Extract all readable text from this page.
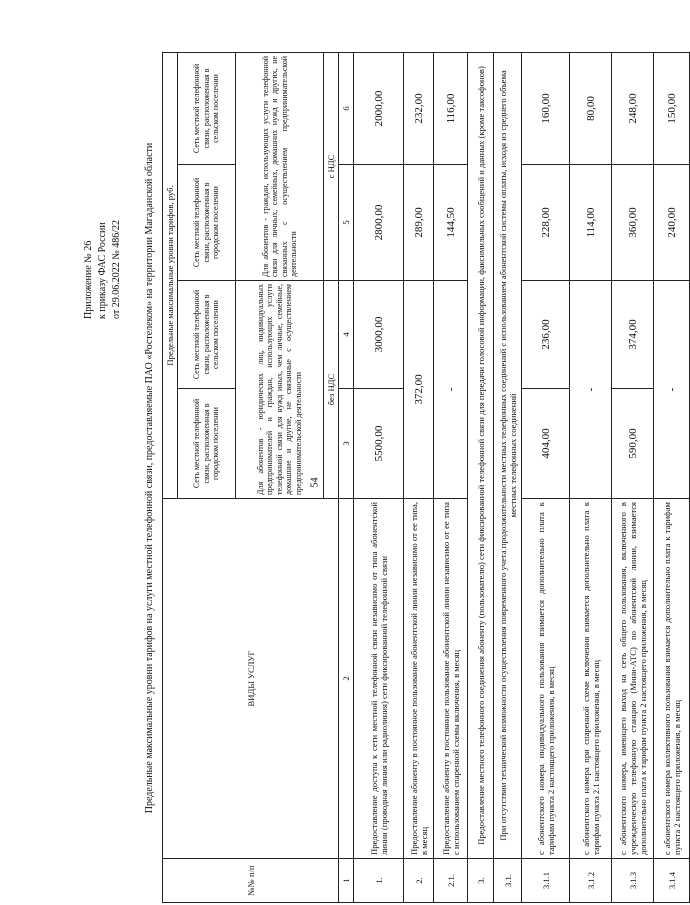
54
Приложение № 26 к приказу ФАС России от 29.06.2022 № 486/22 Предельные максимальные уровни тарифов на услуги местной телефонной связи, предоставляемые ПАО «Ростелеком» на территории Магаданской области
№№ п/п	ВИДЫ УСЛУГ	Предельные максимальные уровни тарифов, руб.			
		Сеть местной телефонной связи, расположенная в городском поселении	Сеть местной телефонной связи, расположенная в сельском поселении	Сеть местной телефонной связи, расположенная в городском поселении	Сеть местной телефонной связи, расположенная в сельском поселении
		Для абонентов - юридических лиц, индивидуальных предпринимателей и граждан, использующих услуги телефонной связи для нужд иных, чем личные, семейные, домашние и другие, не связанные с осуществлением предпринимательской деятельности		Для абонентов - граждан, использующих услуги телефонной связи для личных, семейных, домашних нужд и других, не связанных с осуществлением предпринимательской деятельности	
		без НДС		с НДС	
1	2	3	4	5	6
1.	Предоставление доступа к сети местной телефонной связи независимо от типа абонентской линии (проводная линия или радиолиния) сети фиксированной телефонной связи	5500,00	3000,00	2800,00	2000,00
2.	Предоставление абоненту в постоянное пользование абонентской линии независимо от ее типа, в месяц	372,00		289,00	232,00
2.1.	Предоставление абоненту в постоянное пользование абонентской линии независимо от ее типа с использованием спаренной схемы включения, в месяц	-		144,50	116,00
3.	Предоставление местного телефонного соединения абоненту (пользователю) сети фиксированной телефонной связи для передачи голосовой информации, факсимильных сообщений и данных (кроме таксофонов)				
3.1.	При отсутствии технической возможности осуществления повременного учета продолжительности местных телефонных соединений с использованием абонентской системы оплаты, исходя из среднего объема местных телефонных соединений				
3.1.1	с абонентского номера индивидуального пользования взимается дополнительно плата к тарифам пункта 2 настоящего приложения, в месяц	404,00	236,00	228,00	160,00
3.1.2	с абонентского номера при спаренной схеме включения взимается дополнительно плата к тарифам пункта 2.1 настоящего приложения, в месяц	-		114,00	80,00
3.1.3	с абонентского номера, имеющего выход на сеть общего пользования, включенного в учрежденческую телефонную станцию (Мини-АТС) по абонентской линии, взимается дополнительно плата к тарифам пункта 2 настоящего приложения, в месяц	590,00	374,00	360,00	248,00
3.1.4	с абонентского номера коллективного пользования взимается дополнительно плата к тарифам пункта 2 настоящего приложения, в месяц	-		240,00	150,00
